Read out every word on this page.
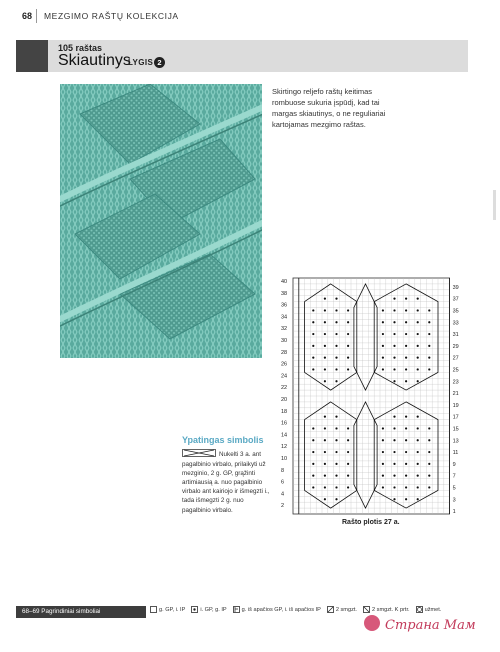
68 MEZGIMO RAŠTŲ KOLEKCIJA
105 raštas
Skiautinys
LYGIS 2
Skirtingo reljefo raštų keitimas rombuose sukuria įspūdį, kad tai margas skiautinys, o ne reguliariai kartojamas mezgimo raštas.
40
38
36
34
32
30
28
26
24
22
20
18
16
14
12
10
8
6
4
2
39
37
35
33
31
29
27
25
23
21
19
17
15
13
11
9
7
5
3
1
Rašto plotis 27 a.
Ypatingas simbolis
Nukelti 3 a. ant pagalbinio virbalo, prilaikyti už mezginio, 2 g. GP, grąžinti artimiausią a. nuo pagalbinio virbalo ant kairiojo ir išmegzti i., tada išmegzti 2 g. nuo pagalbinio virbalo.
68–69 Pagrindiniai simboliai	g. GP, i. IP	i. GP, g. IP	g. iš apačios GP, i. iš apačios IP	2 smgzt.	2 smgzt. K prtr.	užmet.
Страна Мам
